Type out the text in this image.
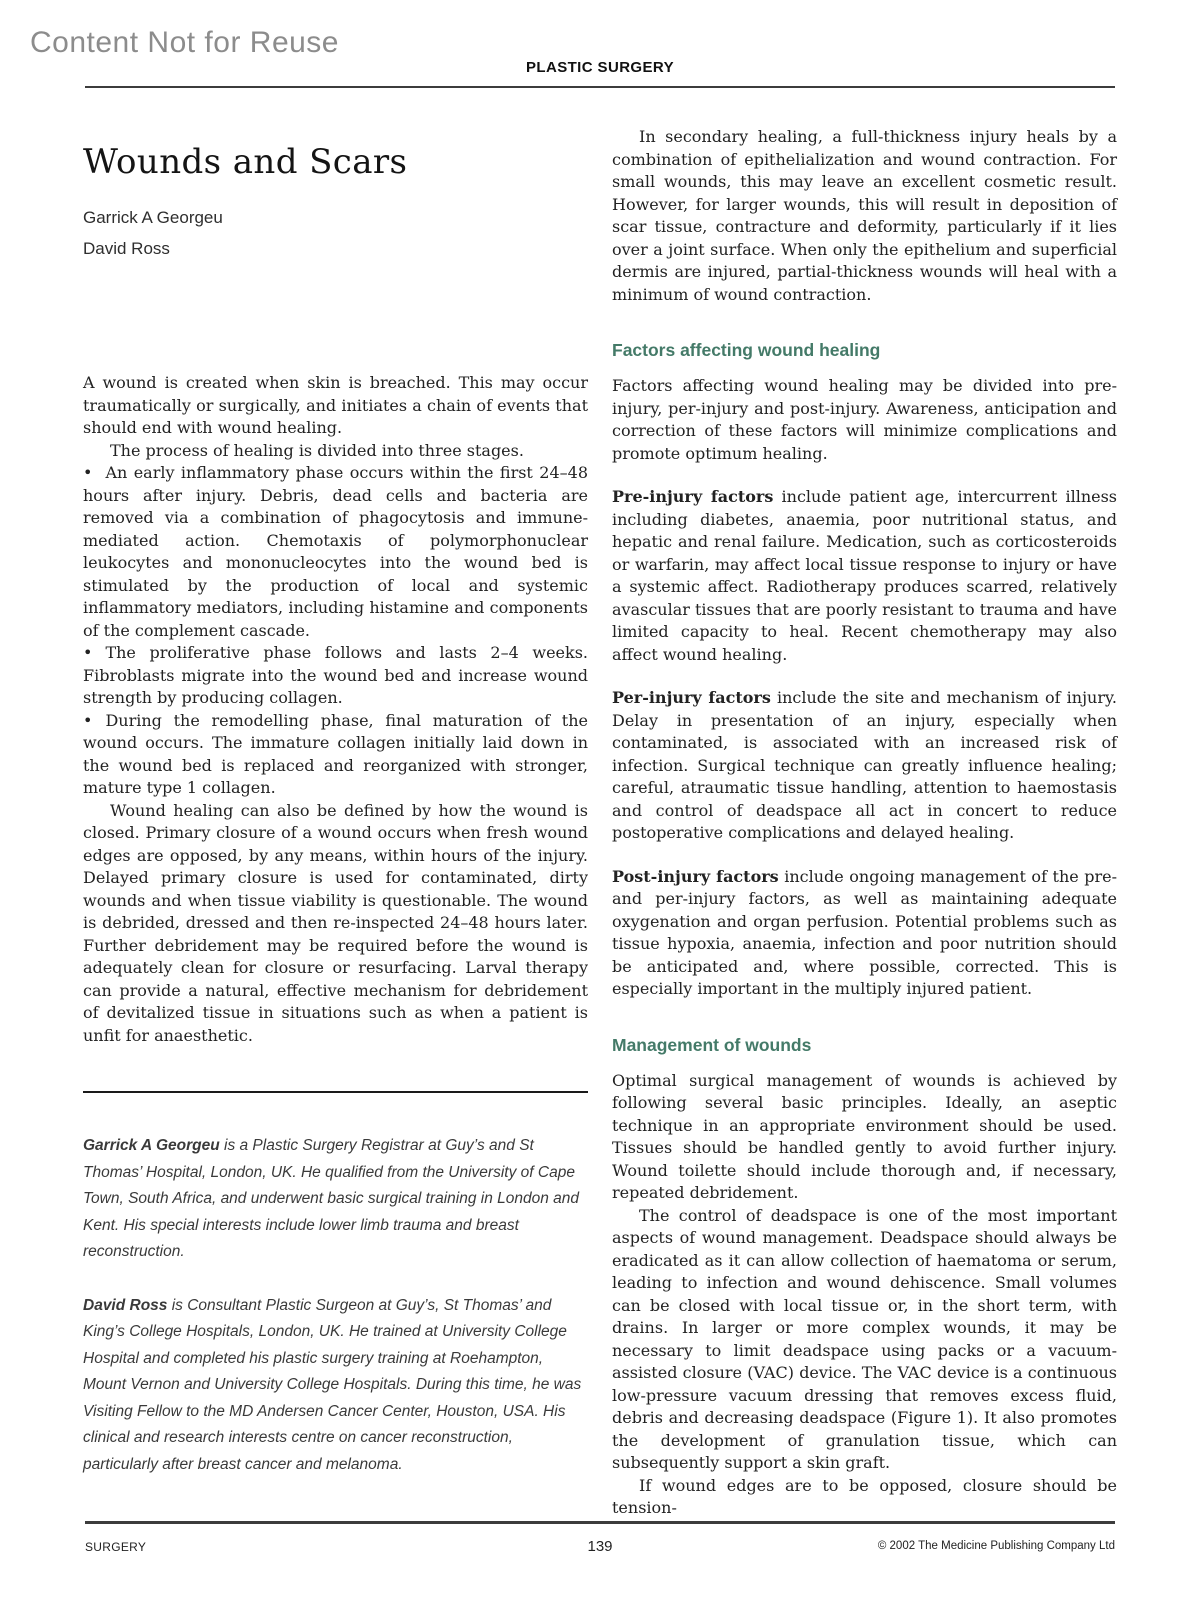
Content Not for Reuse
PLASTIC SURGERY
Wounds and Scars
Garrick A Georgeu
David Ross

A wound is created when skin is breached. This may occur traumatically or surgically, and initiates a chain of events that should end with wound healing.

The process of healing is divided into three stages.

• An early inflammatory phase occurs within the first 24–48 hours after injury. Debris, dead cells and bacteria are removed via a combination of phagocytosis and immune-mediated action. Chemotaxis of polymorphonuclear leukocytes and mononucleocytes into the wound bed is stimulated by the production of local and systemic inflammatory mediators, including histamine and components of the complement cascade.

• The proliferative phase follows and lasts 2–4 weeks. Fibroblasts migrate into the wound bed and increase wound strength by producing collagen.

• During the remodelling phase, final maturation of the wound occurs. The immature collagen initially laid down in the wound bed is replaced and reorganized with stronger, mature type 1 collagen.

Wound healing can also be defined by how the wound is closed. Primary closure of a wound occurs when fresh wound edges are opposed, by any means, within hours of the injury. Delayed primary closure is used for contaminated, dirty wounds and when tissue viability is questionable. The wound is debrided, dressed and then re-inspected 24–48 hours later. Further debridement may be required before the wound is adequately clean for closure or resurfacing. Larval therapy can provide a natural, effective mechanism for debridement of devitalized tissue in situations such as when a patient is unfit for anaesthetic.

Garrick A Georgeu is a Plastic Surgery Registrar at Guy’s and St Thomas’ Hospital, London, UK. He qualified from the University of Cape Town, South Africa, and underwent basic surgical training in London and Kent. His special interests include lower limb trauma and breast reconstruction.

David Ross is Consultant Plastic Surgeon at Guy’s, St Thomas’ and King’s College Hospitals, London, UK. He trained at University College Hospital and completed his plastic surgery training at Roehampton, Mount Vernon and University College Hospitals. During this time, he was Visiting Fellow to the MD Andersen Cancer Center, Houston, USA. His clinical and research interests centre on cancer reconstruction, particularly after breast cancer and melanoma.

In secondary healing, a full-thickness injury heals by a combination of epithelialization and wound contraction. For small wounds, this may leave an excellent cosmetic result. However, for larger wounds, this will result in deposition of scar tissue, contracture and deformity, particularly if it lies over a joint surface. When only the epithelium and superficial dermis are injured, partial-thickness wounds will heal with a minimum of wound contraction.

Factors affecting wound healing

Factors affecting wound healing may be divided into pre-injury, per-injury and post-injury. Awareness, anticipation and correction of these factors will minimize complications and promote optimum healing.

Pre-injury factors include patient age, intercurrent illness including diabetes, anaemia, poor nutritional status, and hepatic and renal failure. Medication, such as corticosteroids or warfarin, may affect local tissue response to injury or have a systemic affect. Radiotherapy produces scarred, relatively avascular tissues that are poorly resistant to trauma and have limited capacity to heal. Recent chemotherapy may also affect wound healing.

Per-injury factors include the site and mechanism of injury. Delay in presentation of an injury, especially when contaminated, is associated with an increased risk of infection. Surgical technique can greatly influence healing; careful, atraumatic tissue handling, attention to haemostasis and control of deadspace all act in concert to reduce postoperative complications and delayed healing.

Post-injury factors include ongoing management of the pre- and per-injury factors, as well as maintaining adequate oxygenation and organ perfusion. Potential problems such as tissue hypoxia, anaemia, infection and poor nutrition should be anticipated and, where possible, corrected. This is especially important in the multiply injured patient.

Management of wounds

Optimal surgical management of wounds is achieved by following several basic principles. Ideally, an aseptic technique in an appropriate environment should be used. Tissues should be handled gently to avoid further injury. Wound toilette should include thorough and, if necessary, repeated debridement.

The control of deadspace is one of the most important aspects of wound management. Deadspace should always be eradicated as it can allow collection of haematoma or serum, leading to infection and wound dehiscence. Small volumes can be closed with local tissue or, in the short term, with drains. In larger or more complex wounds, it may be necessary to limit deadspace using packs or a vacuum-assisted closure (VAC) device. The VAC device is a continuous low-pressure vacuum dressing that removes excess fluid, debris and decreasing deadspace (Figure 1). It also promotes the development of granulation tissue, which can subsequently support a skin graft.

If wound edges are to be opposed, closure should be tension-

SURGERY	139	© 2002 The Medicine Publishing Company Ltd
